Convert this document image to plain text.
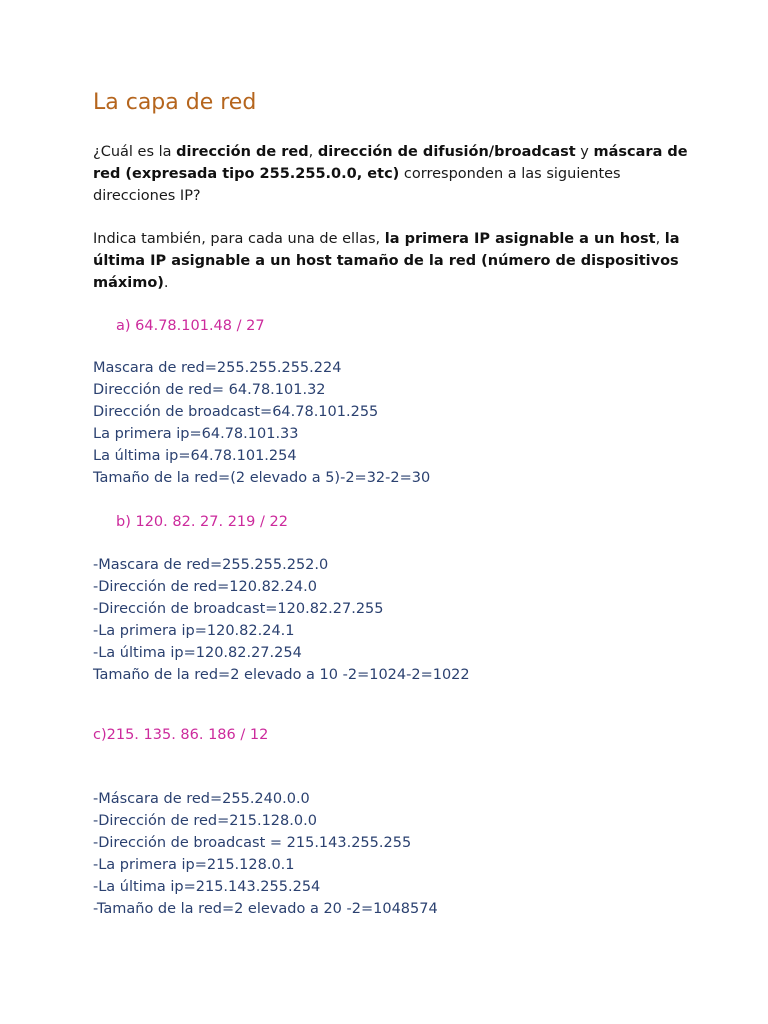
La capa de red

¿Cuál es la dirección de red, dirección de difusión/broadcast y máscara de red (expresada tipo 255.255.0.0, etc) corresponden a las siguientes direcciones IP?

Indica también, para cada una de ellas, la primera IP asignable a un host, la última IP asignable a un host tamaño de la red (número de dispositivos máximo).

a) 64.78.101.48 / 27

Mascara de red=255.255.255.224
Dirección de red= 64.78.101.32
Dirección de broadcast=64.78.101.255
La primera ip=64.78.101.33
La última ip=64.78.101.254
Tamaño de la red=(2 elevado a 5)-2=32-2=30

b) 120. 82. 27. 219 / 22

-Mascara de red=255.255.252.0
-Dirección de red=120.82.24.0
-Dirección de broadcast=120.82.27.255
-La primera ip=120.82.24.1
-La última ip=120.82.27.254
Tamaño de la red=2 elevado a 10 -2=1024-2=1022

c)215. 135. 86. 186 / 12

-Máscara de red=255.240.0.0
-Dirección de red=215.128.0.0
-Dirección de broadcast = 215.143.255.255
-La primera ip=215.128.0.1
-La última ip=215.143.255.254
-Tamaño de la red=2 elevado a 20 -2=1048574
